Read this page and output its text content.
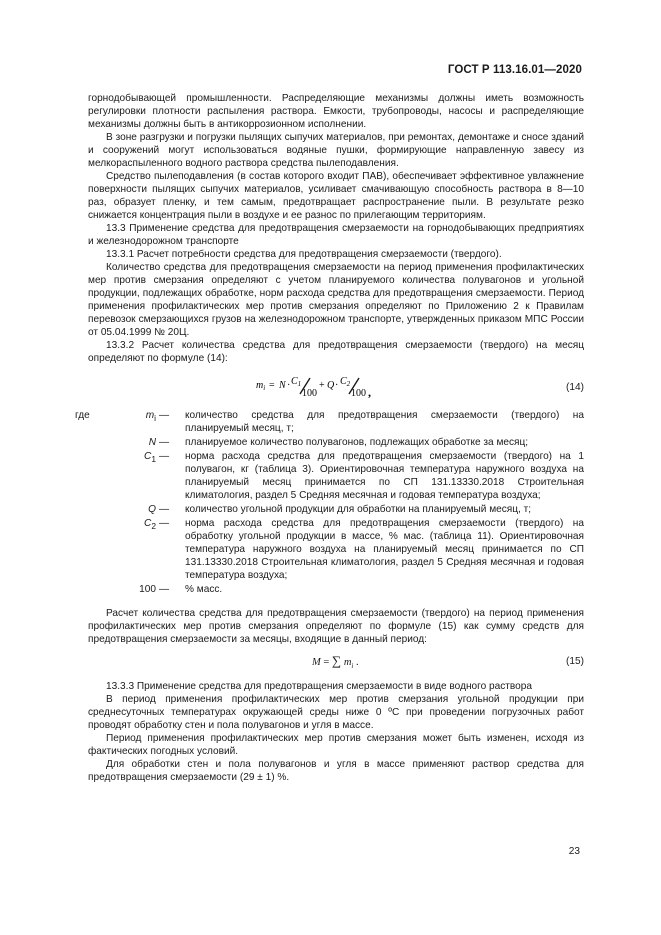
ГОСТ Р 113.16.01—2020

горнодобывающей промышленности. Распределяющие механизмы должны иметь возможность регулировки плотности распыления раствора. Емкости, трубопроводы, насосы и распределяющие механизмы должны быть в антикоррозионном исполнении.

В зоне разгрузки и погрузки пылящих сыпучих материалов, при ремонтах, демонтаже и сносе зданий и сооружений могут использоваться водяные пушки, формирующие направленную завесу из мелкораспыленного водного раствора средства пылеподавления.

Средство пылеподавления (в состав которого входит ПАВ), обеспечивает эффективное увлажнение поверхности пылящих сыпучих материалов, усиливает смачивающую способность раствора в 8—10 раз, образует пленку, и тем самым, предотвращает распространение пыли. В результате резко снижается концентрация пыли в воздухе и ее разнос по прилегающим территориям.

13.3 Применение средства для предотвращения смерзаемости на горнодобывающих предприятиях и железнодорожном транспорте

13.3.1 Расчет потребности средства для предотвращения смерзаемости (твердого).

Количество средства для предотвращения смерзаемости на период применения профилактических мер против смерзания определяют с учетом планируемого количества полувагонов и угольной продукции, подлежащих обработке, норм расхода средства для предотвращения смерзаемости. Период применения профилактических мер против смерзания определяют по Приложению 2 к Правилам перевозок смерзающихся грузов на железнодорожном транспорте, утвержденных приказом МПС России от 05.04.1999 № 20Ц.

13.3.2 Расчет количества средства для предотвращения смерзаемости (твердого) на месяц определяют по формуле (14):

$m_i = N \cdot C_1$
100
+ $Q \cdot C_2$
100 ,	(14)
где	$m_i$ — количество средства для предотвращения смерзаемости (твердого) на планируемый месяц, т;
N — планируемое количество полувагонов, подлежащих обработке за месяц;
$C_1$ — норма расхода средства для предотвращения смерзаемости (твердого) на 1 полувагон, кг (таблица 3). Ориентировочная температура наружного воздуха на планируемый месяц принимается по СП 131.13330.2018 Строительная климатология, раздел 5 Средняя месячная и годовая температура воздуха;
Q — количество угольной продукции для обработки на планируемый месяц, т;
$C_2$ — норма расхода средства для предотвращения смерзаемости (твердого) на обработку угольной продукции в массе, % мас. (таблица 11). Ориентировочная температура наружного воздуха на планируемый месяц принимается по СП 131.13330.2018 Строительная климатология, раздел 5 Средняя месячная и годовая температура воздуха;
100 — % масс.

Расчет количества средства для предотвращения смерзаемости (твердого) на период применения профилактических мер против смерзания определяют по формуле (15) как сумму средств для предотвращения смерзаемости за месяцы, входящие в данный период:

M = ∑ $m_i$ .	(15)

13.3.3 Применение средства для предотвращения смерзаемости в виде водного раствора

В период применения профилактических мер против смерзания угольной продукции при среднесуточных температурах окружающей среды ниже 0 ºС при проведении погрузочных работ проводят обработку стен и пола полувагонов и угля в массе.

Период применения профилактических мер против смерзания может быть изменен, исходя из фактических погодных условий.

Для обработки стен и пола полувагонов и угля в массе применяют раствор средства для предотвращения смерзаемости (29 ± 1) %.

23
